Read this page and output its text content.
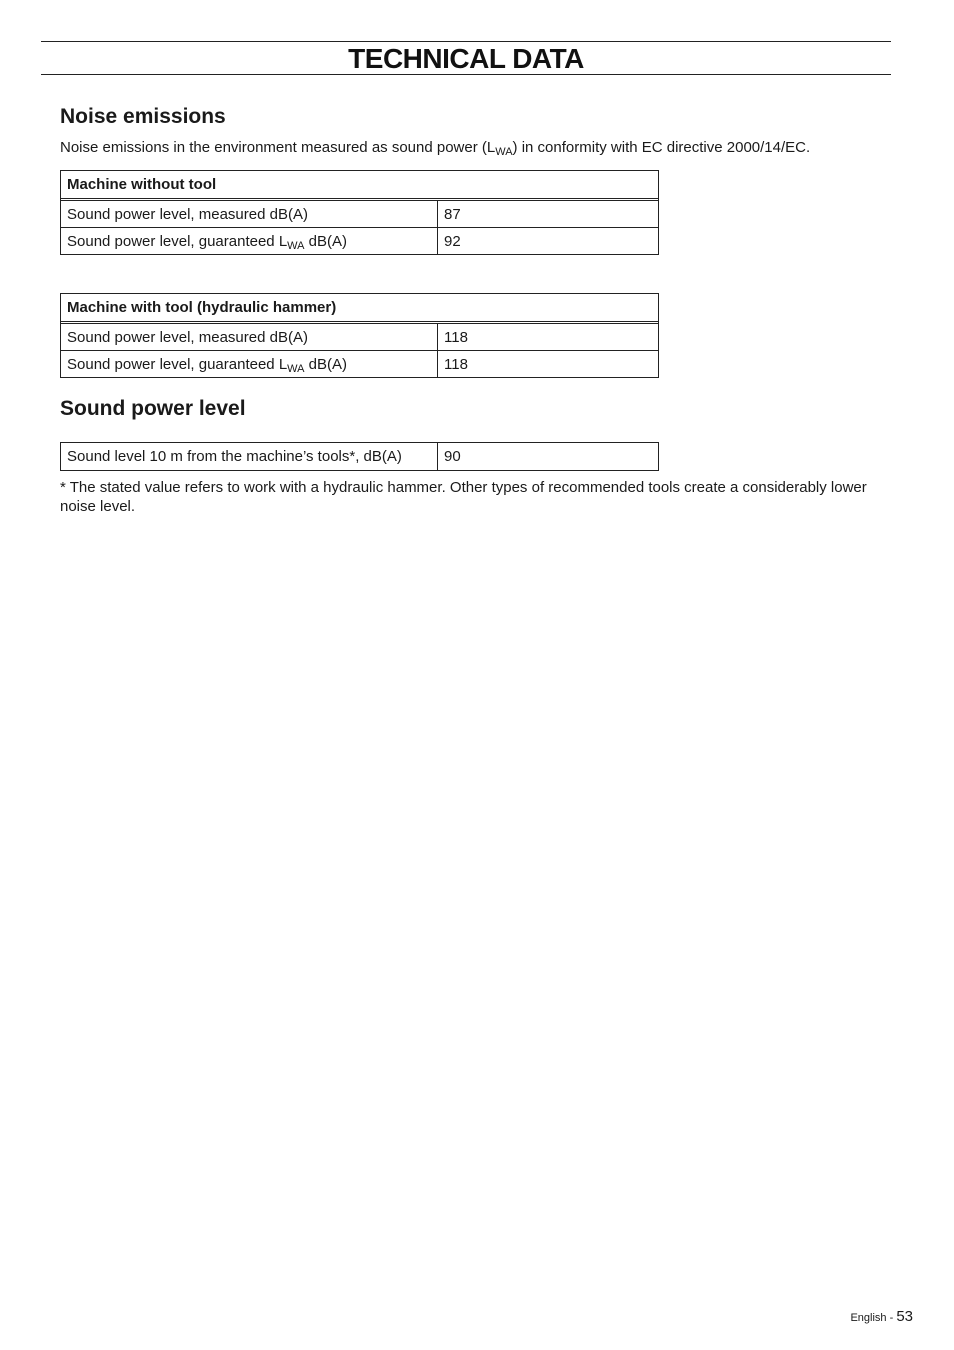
TECHNICAL DATA
Noise emissions

Noise emissions in the environment measured as sound power $(L_{WA})$ in conformity with EC directive 2000/14/EC.

Machine without tool	
Sound power level, measured dB(A)	87
Sound power level, guaranteed $L_{WA}$ dB(A)	92
Machine with tool (hydraulic hammer)	
Sound power level, measured dB(A)	118
Sound power level, guaranteed $L_{WA}$ dB(A)	118
Sound power level
Sound level 10 m from the machine’s tools*, dB(A)	90

* The stated value refers to work with a hydraulic hammer. Other types of recommended tools create a considerably lower noise level.

English - 53
